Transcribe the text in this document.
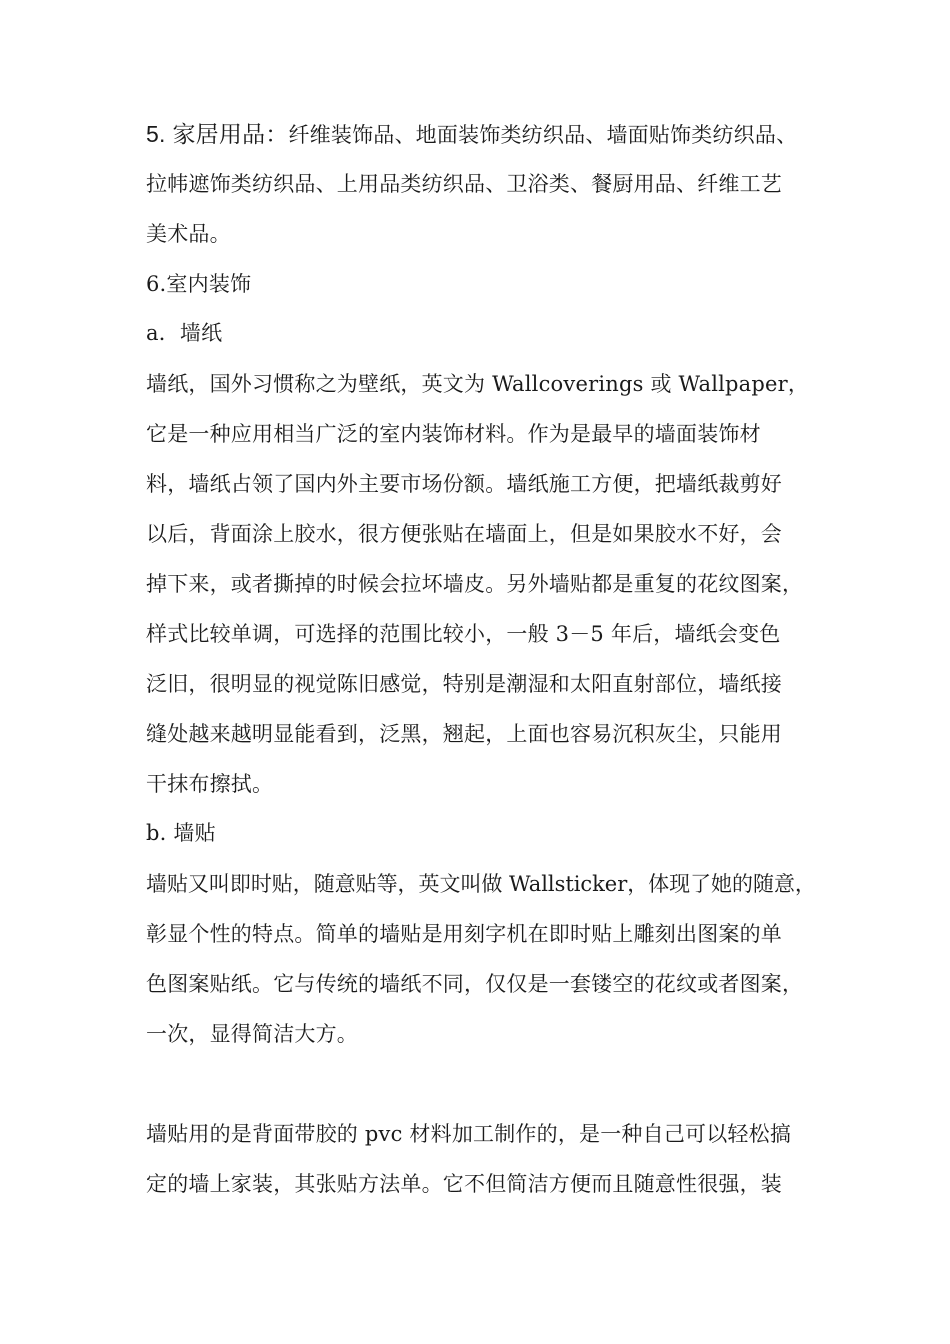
5. 家居用品：纤维装饰品、地面装饰类纺织品、墙面贴饰类纺织品、
拉帏遮饰类纺织品、上用品类纺织品、卫浴类、餐厨用品、纤维工艺
美术品。
6.室内装饰
a．墙纸
墙纸，国外习惯称之为壁纸，英文为 Wallcoverings 或 Wallpaper，
它是一种应用相当广泛的室内装饰材料。作为是最早的墙面装饰材
料，墙纸占领了国内外主要市场份额。墙纸施工方便，把墙纸裁剪好
以后，背面涂上胶水，很方便张贴在墙面上，但是如果胶水不好，会
掉下来，或者撕掉的时候会拉坏墙皮。另外墙贴都是重复的花纹图案，
样式比较单调，可选择的范围比较小，一般 3－5 年后，墙纸会变色
泛旧，很明显的视觉陈旧感觉，特别是潮湿和太阳直射部位，墙纸接
缝处越来越明显能看到，泛黑，翘起，上面也容易沉积灰尘，只能用
干抹布擦拭。
b. 墙贴
墙贴又叫即时贴，随意贴等，英文叫做 Wallsticker，体现了她的随意，
彰显个性的特点。简单的墙贴是用刻字机在即时贴上雕刻出图案的单
色图案贴纸。它与传统的墙纸不同，仅仅是一套镂空的花纹或者图案，
一次，显得简洁大方。
墙贴用的是背面带胶的 pvc 材料加工制作的，是一种自己可以轻松搞
定的墙上家装，其张贴方法单。它不但简洁方便而且随意性很强，装
